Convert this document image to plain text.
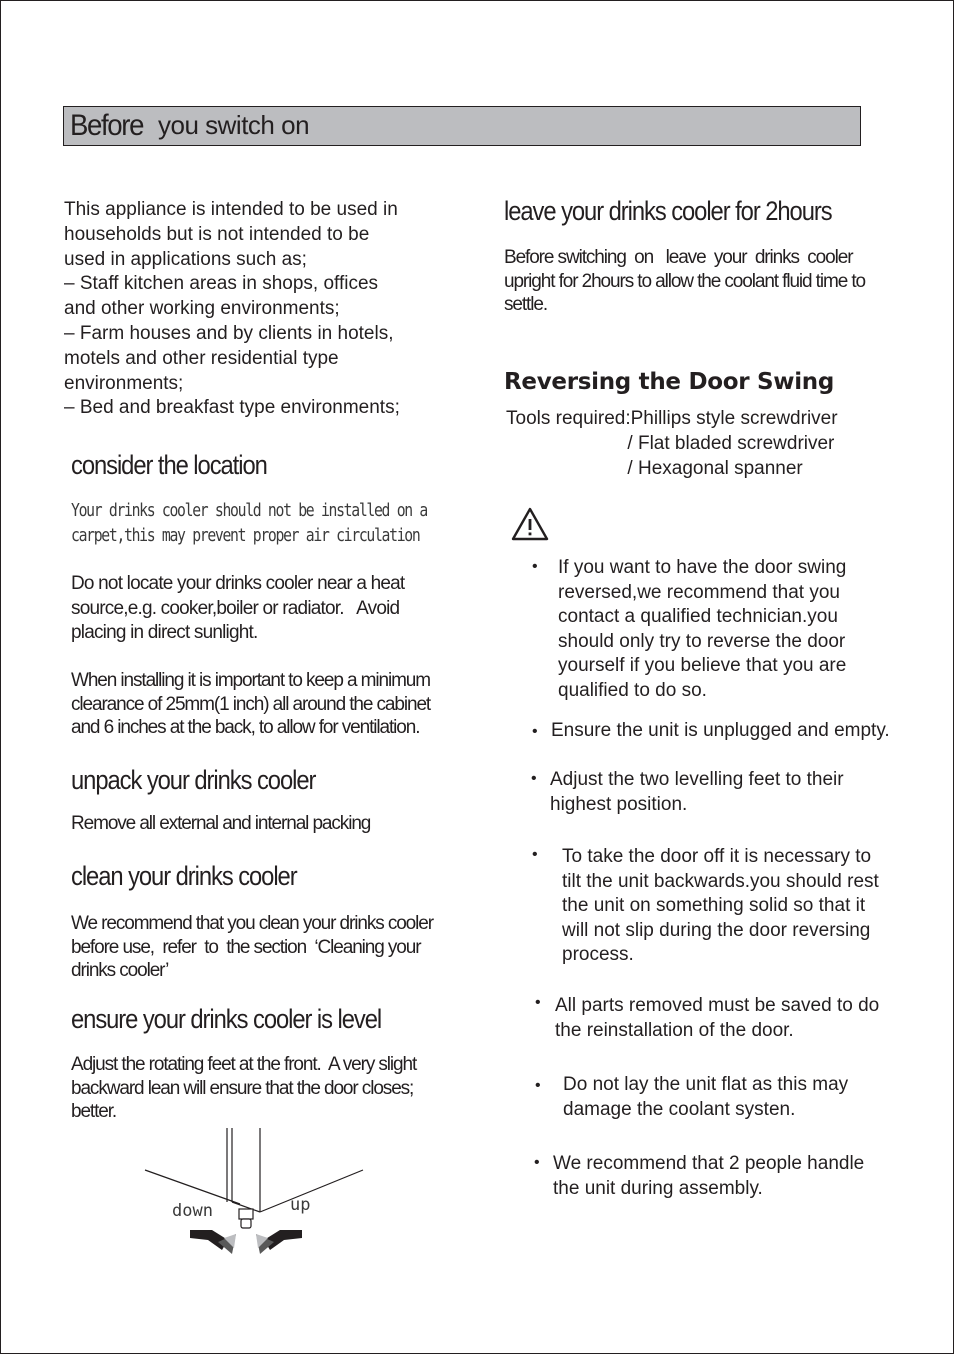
Before you switch on
This appliance is intended to be used in
households but is not intended to be
used in applications such as;
– Staff kitchen areas in shops, offices
and other working environments;
– Farm houses and by clients in hotels,
motels and other residential type
environments;
– Bed and breakfast type environments;
consider the location
Your drinks cooler should not be installed on a
carpet,this may prevent proper air circulation
Do not locate your drinks cooler near a heat
source,e.g. cooker,boiler or radiator.   Avoid
placing in direct sunlight.
When installing it is important to keep a minimum
clearance of 25mm(1 inch) all around the cabinet
and 6 inches at the back, to allow for ventilation.
unpack your drinks cooler
Remove all external and internal packing
clean your drinks cooler
We recommend that you clean your drinks cooler
before use,  refer  to  the section  ‘Cleaning your
drinks cooler’
ensure your drinks cooler is level
Adjust the rotating feet at the front.  A very slight
backward lean will ensure that the door closes;
better.
down	up
leave your drinks cooler for 2hours
Before switching  on   leave  your  drinks  cooler
upright for 2hours to allow the coolant fluid time to
settle.
Reversing the Door Swing
Tools required:Phillips style screwdriver
/ Flat bladed screwdriver
/ Hexagonal spanner
• If you want to have the door swing
reversed,we recommend that you
contact a qualified technician.you
should only try to reverse the door
yourself if you believe that you are
qualified to do so.
• Ensure the unit is unplugged and empty.
• Adjust the two levelling feet to their
highest position.
• To take the door off it is necessary to
tilt the unit backwards.you should rest
the unit on something solid so that it
will not slip during the door reversing
process.
• All parts removed must be saved to do
the reinstallation of the door.
• Do not lay the unit flat as this may
damage the coolant systen.
• We recommend that 2 people handle
the unit during assembly.
